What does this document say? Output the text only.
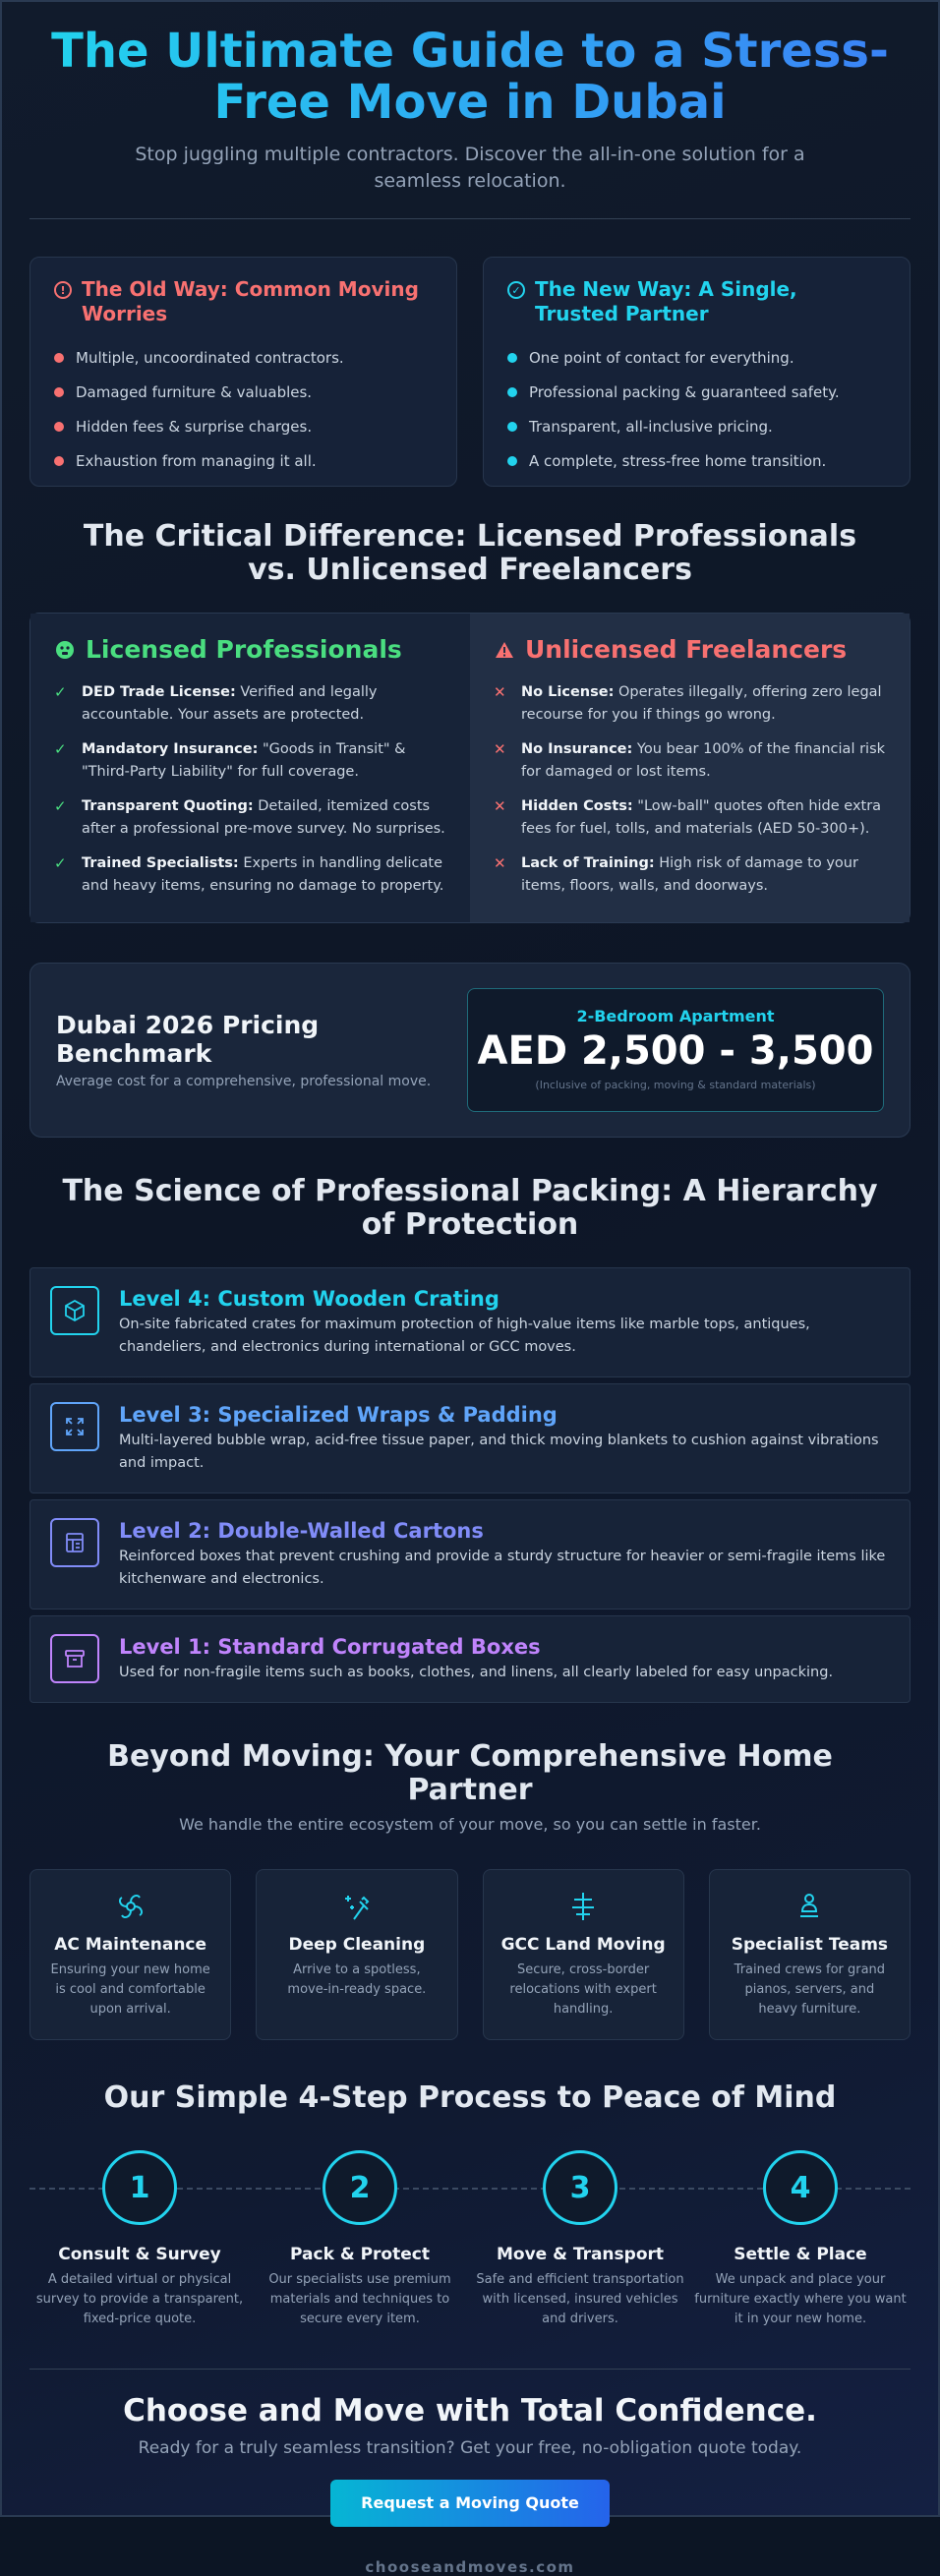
The Ultimate Guide to a Stress-Free Move in Dubai

Stop juggling multiple contractors. Discover the all-in-one solution for a seamless relocation.

! The Old Way: Common Moving Worries
Multiple, uncoordinated contractors.
Damaged furniture & valuables.
Hidden fees & surprise charges.
Exhaustion from managing it all.
✓ The New Way: A Single, Trusted Partner
One point of contact for everything.
Professional packing & guaranteed safety.
Transparent, all-inclusive pricing.
A complete, stress-free home transition.
The Critical Difference: Licensed Professionals vs. Unlicensed Freelancers
Licensed Professionals
✓ DED Trade License: Verified and legally accountable. Your assets are protected.
✓ Mandatory Insurance: "Goods in Transit" & "Third-Party Liability" for full coverage.
✓ Transparent Quoting: Detailed, itemized costs after a professional pre-move survey. No surprises.
✓ Trained Specialists: Experts in handling delicate and heavy items, ensuring no damage to property.
Unlicensed Freelancers
✕ No License: Operates illegally, offering zero legal recourse for you if things go wrong.
✕ No Insurance: You bear 100% of the financial risk for damaged or lost items.
✕ Hidden Costs: "Low-ball" quotes often hide extra fees for fuel, tolls, and materials (AED 50-300+).
✕ Lack of Training: High risk of damage to your items, floors, walls, and doorways.
Dubai 2026 Pricing Benchmark

Average cost for a comprehensive, professional move.

2-Bedroom Apartment
AED 2,500 - 3,500
(Inclusive of packing, moving & standard materials)
The Science of Professional Packing: A Hierarchy of Protection
Level 4: Custom Wooden Crating

On-site fabricated crates for maximum protection of high-value items like marble tops, antiques, chandeliers, and electronics during international or GCC moves.

Level 3: Specialized Wraps & Padding

Multi-layered bubble wrap, acid-free tissue paper, and thick moving blankets to cushion against vibrations and impact.

Level 2: Double-Walled Cartons

Reinforced boxes that prevent crushing and provide a sturdy structure for heavier or semi-fragile items like kitchenware and electronics.

Level 1: Standard Corrugated Boxes

Used for non-fragile items such as books, clothes, and linens, all clearly labeled for easy unpacking.

Beyond Moving: Your Comprehensive Home Partner

We handle the entire ecosystem of your move, so you can settle in faster.

AC Maintenance

Ensuring your new home is cool and comfortable upon arrival.

Deep Cleaning

Arrive to a spotless, move-in-ready space.

GCC Land Moving

Secure, cross-border relocations with expert handling.

Specialist Teams

Trained crews for grand pianos, servers, and heavy furniture.

Our Simple 4-Step Process to Peace of Mind
1
Consult & Survey

A detailed virtual or physical survey to provide a transparent, fixed-price quote.

2
Pack & Protect

Our specialists use premium materials and techniques to secure every item.

3
Move & Transport

Safe and efficient transportation with licensed, insured vehicles and drivers.

4
Settle & Place

We unpack and place your furniture exactly where you want it in your new home.

Choose and Move with Total Confidence.

Ready for a truly seamless transition? Get your free, no-obligation quote today.

Request a Moving Quote
chooseandmoves.com
